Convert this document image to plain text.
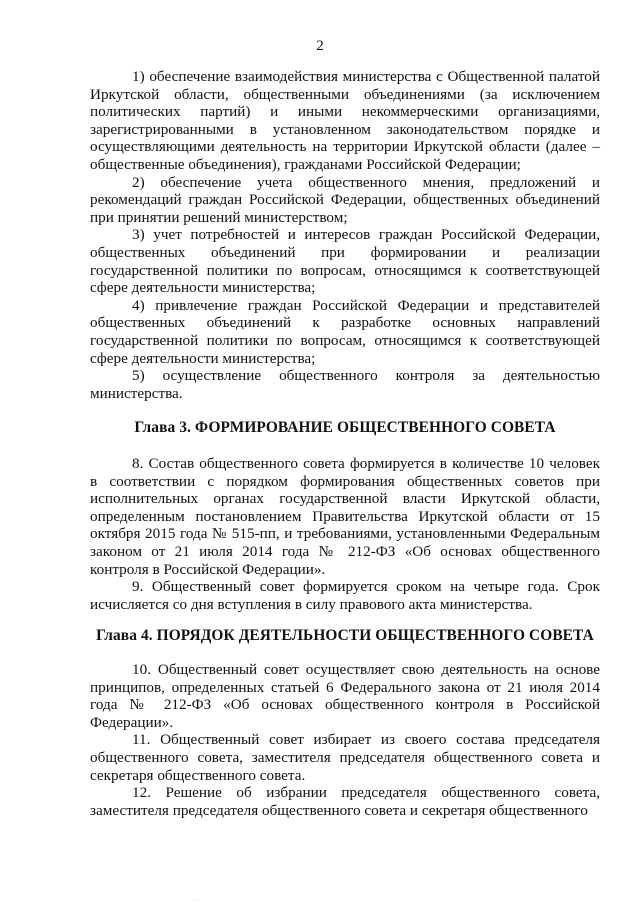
2

1) обеспечение взаимодействия министерства с Общественной палатой Иркутской области, общественными объединениями (за исключением политических партий) и иными некоммерческими организациями, зарегистрированными в установленном законодательством порядке и осуществляющими деятельность на территории Иркутской области (далее – общественные объединения), гражданами Российской Федерации;

2) обеспечение учета общественного мнения, предложений и рекомендаций граждан Российской Федерации, общественных объединений при принятии решений министерством;

3) учет потребностей и интересов граждан Российской Федерации, общественных объединений при формировании и реализации государственной политики по вопросам, относящимся к соответствующей сфере деятельности министерства;

4) привлечение граждан Российской Федерации и представителей общественных объединений к разработке основных направлений государственной политики по вопросам, относящимся к соответствующей сфере деятельности министерства;

5) осуществление общественного контроля за деятельностью министерства.

Глава 3. ФОРМИРОВАНИЕ ОБЩЕСТВЕННОГО СОВЕТА

8. Состав общественного совета формируется в количестве 10 человек в соответствии с порядком формирования общественных советов при исполнительных органах государственной власти Иркутской области, определенным постановлением Правительства Иркутской области от 15 октября 2015 года № 515-пп, и требованиями, установленными Федеральным законом от 21 июля 2014 года № 212-ФЗ «Об основах общественного контроля в Российской Федерации».

9. Общественный совет формируется сроком на четыре года. Срок исчисляется со дня вступления в силу правового акта министерства.

Глава 4. ПОРЯДОК ДЕЯТЕЛЬНОСТИ ОБЩЕСТВЕННОГО СОВЕТА

10. Общественный совет осуществляет свою деятельность на основе принципов, определенных статьей 6 Федерального закона от 21 июля 2014 года № 212-ФЗ «Об основах общественного контроля в Российской Федерации».

11. Общественный совет избирает из своего состава председателя общественного совета, заместителя председателя общественного совета и секретаря общественного совета.

12. Решение об избрании председателя общественного совета, заместителя председателя общественного совета и секретаря общественного

·
